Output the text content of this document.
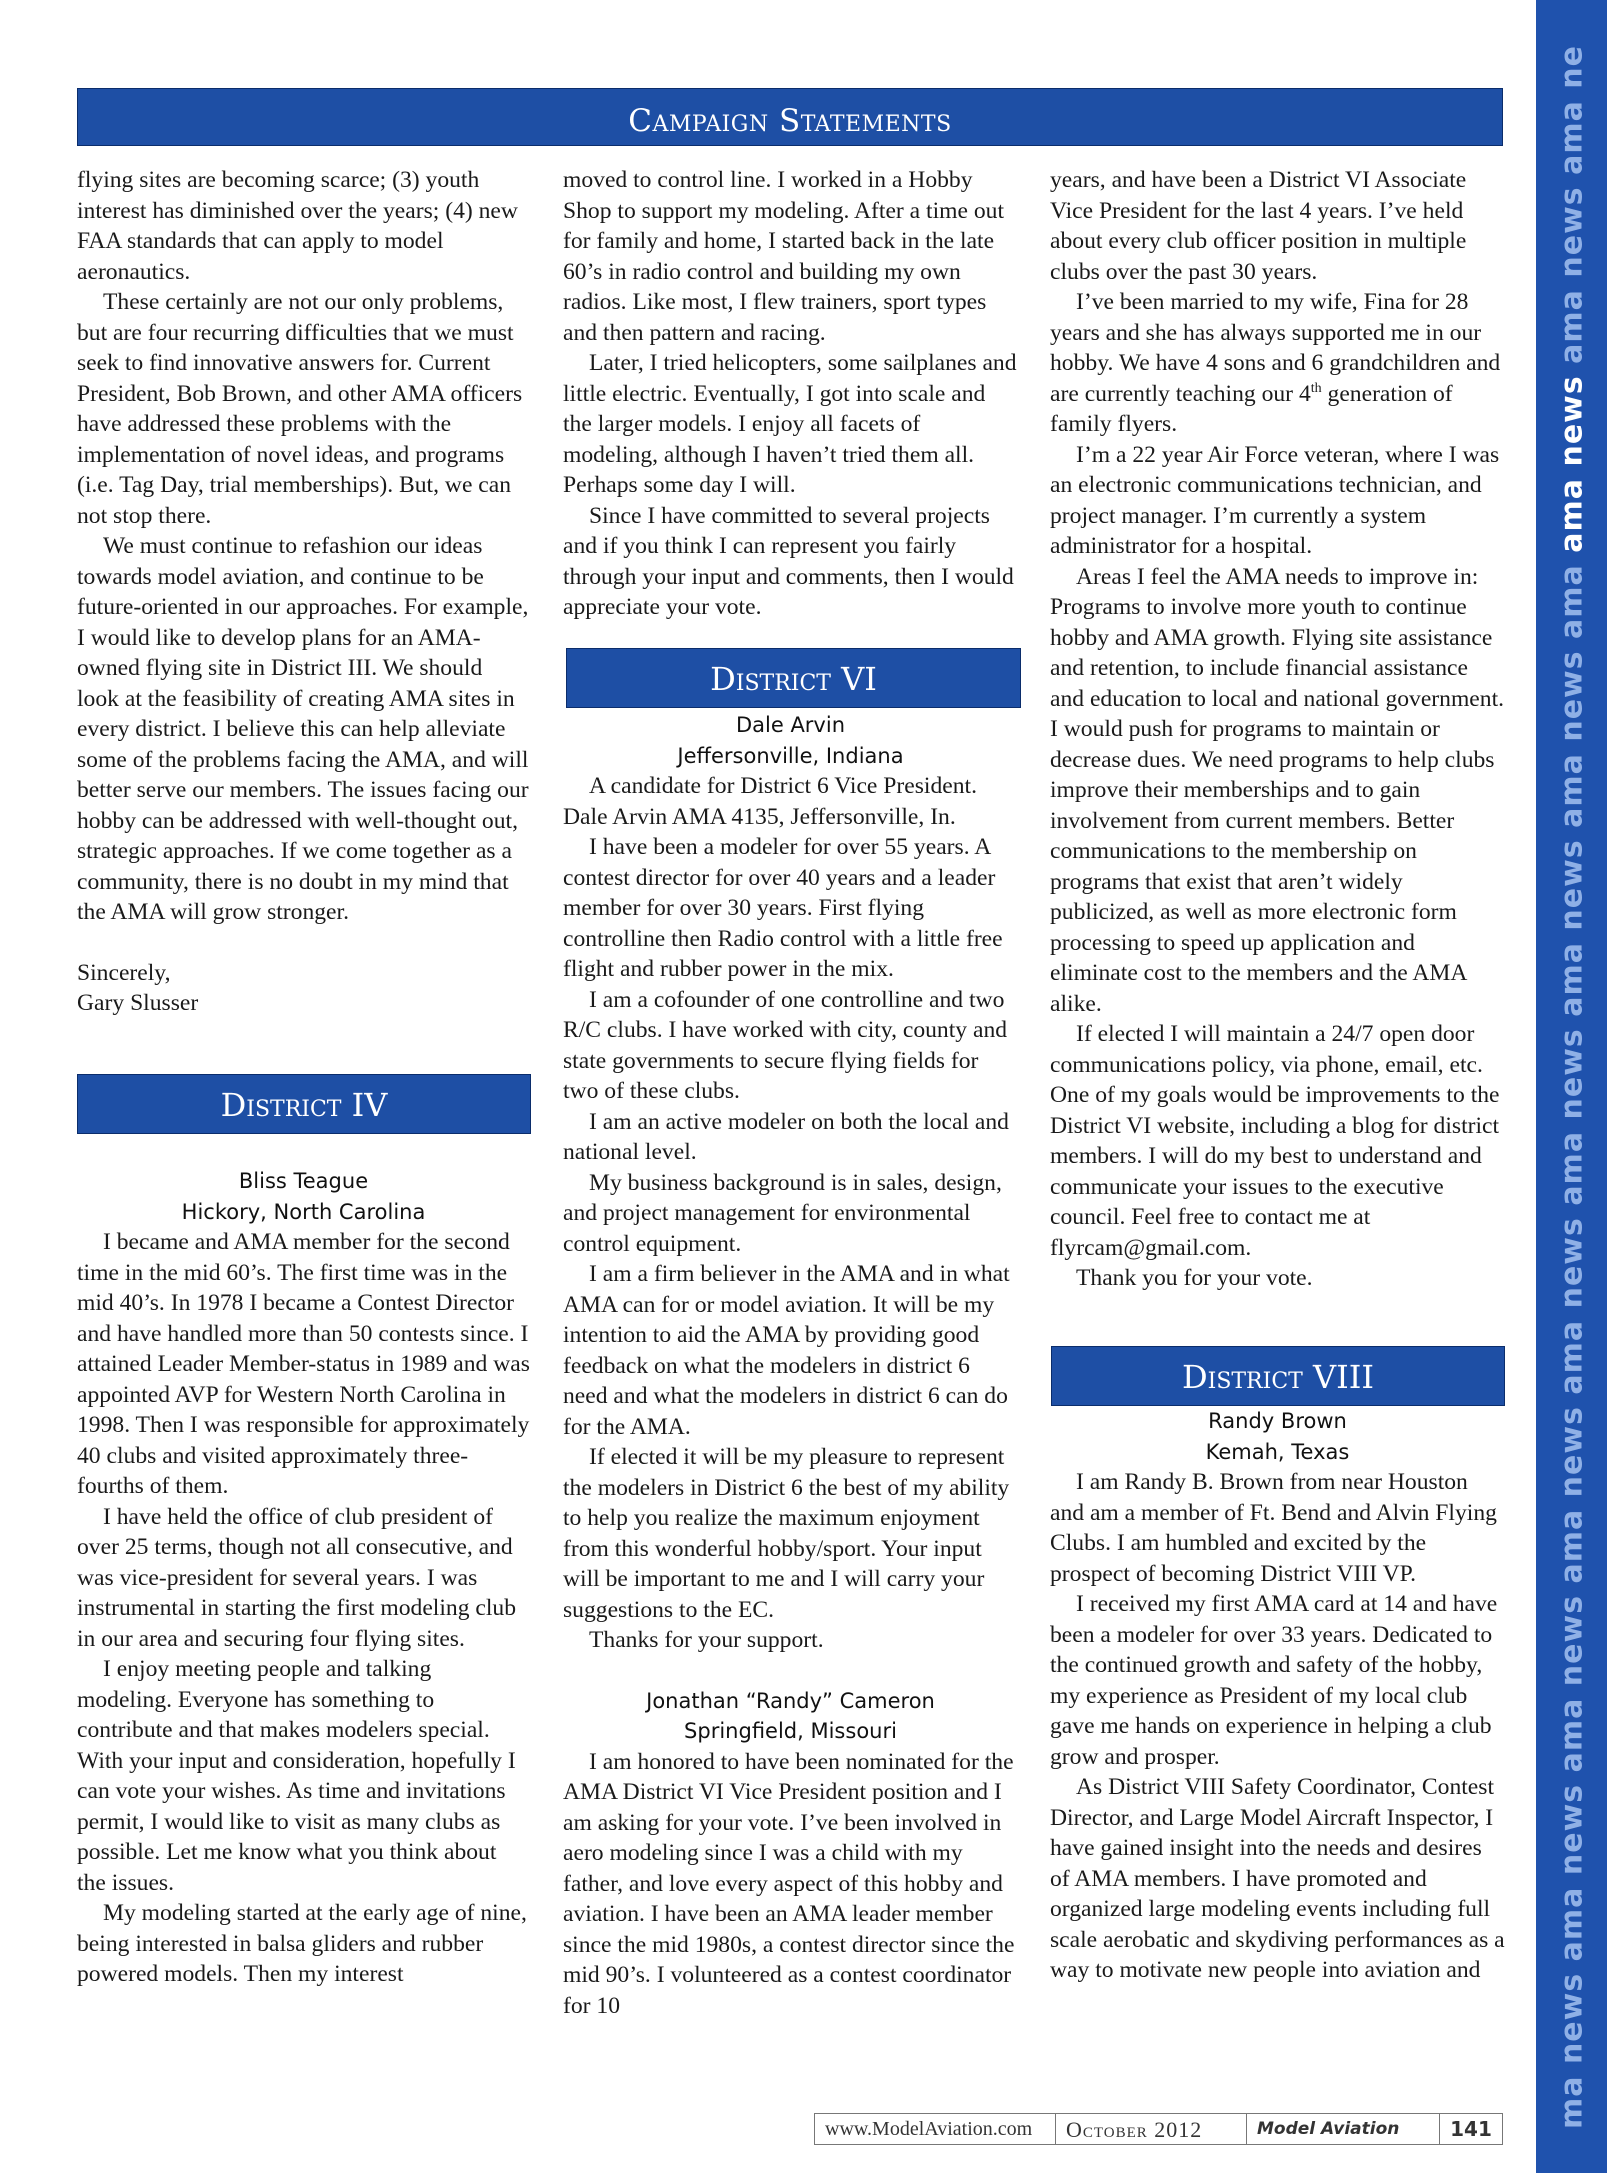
Campaign Statements

flying sites are becoming scarce; (3) youth interest has diminished over the years; (4) new FAA standards that can apply to model aeronautics.

These certainly are not our only problems, but are four recurring difficulties that we must seek to find innovative answers for. Current President, Bob Brown, and other AMA officers have addressed these problems with the implementation of novel ideas, and programs (i.e. Tag Day, trial memberships). But, we can not stop there.

We must continue to refashion our ideas towards model aviation, and continue to be future-oriented in our approaches. For example, I would like to develop plans for an AMA-owned flying site in District III. We should look at the feasibility of creating AMA sites in every district. I believe this can help alleviate some of the problems facing the AMA, and will better serve our members. The issues facing our hobby can be addressed with well-thought out, strategic approaches. If we come together as a community, there is no doubt in my mind that the AMA will grow stronger.

Sincerely,

Gary Slusser

Bliss Teague
Hickory, North Carolina

I became and AMA member for the second time in the mid 60’s. The first time was in the mid 40’s. In 1978 I became a Contest Director and have handled more than 50 contests since. I attained Leader Member-status in 1989 and was appointed AVP for Western North Carolina in 1998. Then I was responsible for approximately 40 clubs and visited approximately three-fourths of them.

I have held the office of club president of over 25 terms, though not all consecutive, and was vice-president for several years. I was instrumental in starting the first modeling club in our area and securing four flying sites.

I enjoy meeting people and talking modeling. Everyone has something to contribute and that makes modelers special. With your input and consideration, hopefully I can vote your wishes. As time and invitations permit, I would like to visit as many clubs as possible. Let me know what you think about the issues.

My modeling started at the early age of nine, being interested in balsa gliders and rubber powered models. Then my interest

District IV

moved to control line. I worked in a Hobby Shop to support my modeling. After a time out for family and home, I started back in the late 60’s in radio control and building my own radios. Like most, I flew trainers, sport types and then pattern and racing.

Later, I tried helicopters, some sailplanes and little electric. Eventually, I got into scale and the larger models. I enjoy all facets of modeling, although I haven’t tried them all. Perhaps some day I will.

Since I have committed to several projects and if you think I can represent you fairly through your input and comments, then I would appreciate your vote.

Dale Arvin
Jeffersonville, Indiana

A candidate for District 6 Vice President. Dale Arvin AMA 4135, Jeffersonville, In.

I have been a modeler for over 55 years. A contest director for over 40 years and a leader member for over 30 years. First flying controlline then Radio control with a little free flight and rubber power in the mix.

I am a cofounder of one controlline and two R/C clubs. I have worked with city, county and state governments to secure flying fields for two of these clubs.

I am an active modeler on both the local and national level.

My business background is in sales, design, and project management for environmental control equipment.

I am a firm believer in the AMA and in what AMA can for or model aviation. It will be my intention to aid the AMA by providing good feedback on what the modelers in district 6 need and what the modelers in district 6 can do for the AMA.

If elected it will be my pleasure to represent the modelers in District 6 the best of my ability to help you realize the maximum enjoyment from this wonderful hobby/sport. Your input will be important to me and I will carry your suggestions to the EC.

Thanks for your support.

Jonathan “Randy” Cameron
Springfield, Missouri

I am honored to have been nominated for the AMA District VI Vice President position and I am asking for your vote. I’ve been involved in aero modeling since I was a child with my father, and love every aspect of this hobby and aviation. I have been an AMA leader member since the mid 1980s, a contest director since the mid 90’s. I volunteered as a contest coordinator for 10

District VI

years, and have been a District VI Associate Vice President for the last 4 years. I’ve held about every club officer position in multiple clubs over the past 30 years.

I’ve been married to my wife, Fina for 28 years and she has always supported me in our hobby. We have 4 sons and 6 grandchildren and are currently teaching our 4th generation of family flyers.

I’m a 22 year Air Force veteran, where I was an electronic communications technician, and project manager. I’m currently a system administrator for a hospital.

Areas I feel the AMA needs to improve in: Programs to involve more youth to continue hobby and AMA growth. Flying site assistance and retention, to include financial assistance and education to local and national government. I would push for programs to maintain or decrease dues. We need programs to help clubs improve their memberships and to gain involvement from current members. Better communications to the membership on programs that exist that aren’t widely publicized, as well as more electronic form processing to speed up application and eliminate cost to the members and the AMA alike.

If elected I will maintain a 24/7 open door communications policy, via phone, email, etc. One of my goals would be improvements to the District VI website, including a blog for district members. I will do my best to understand and communicate your issues to the executive council. Feel free to contact me at flyrcam@gmail.com.

Thank you for your vote.

Randy Brown
Kemah, Texas

I am Randy B. Brown from near Houston and am a member of Ft. Bend and Alvin Flying Clubs. I am humbled and excited by the prospect of becoming District VIII VP.

I received my first AMA card at 14 and have been a modeler for over 33 years. Dedicated to the continued growth and safety of the hobby, my experience as President of my local club gave me hands on experience in helping a club grow and prosper.

As District VIII Safety Coordinator, Contest Director, and Large Model Aircraft Inspector, I have gained insight into the needs and desires of AMA members. I have promoted and organized large modeling events including full scale aerobatic and skydiving performances as a way to motivate new people into aviation and

District VIII	ma news ama news ama news ama news ama news ama news ama news ama news ama ama news ama news ama ne
www.ModelAviation.com	October 2012	Model Aviation	141
